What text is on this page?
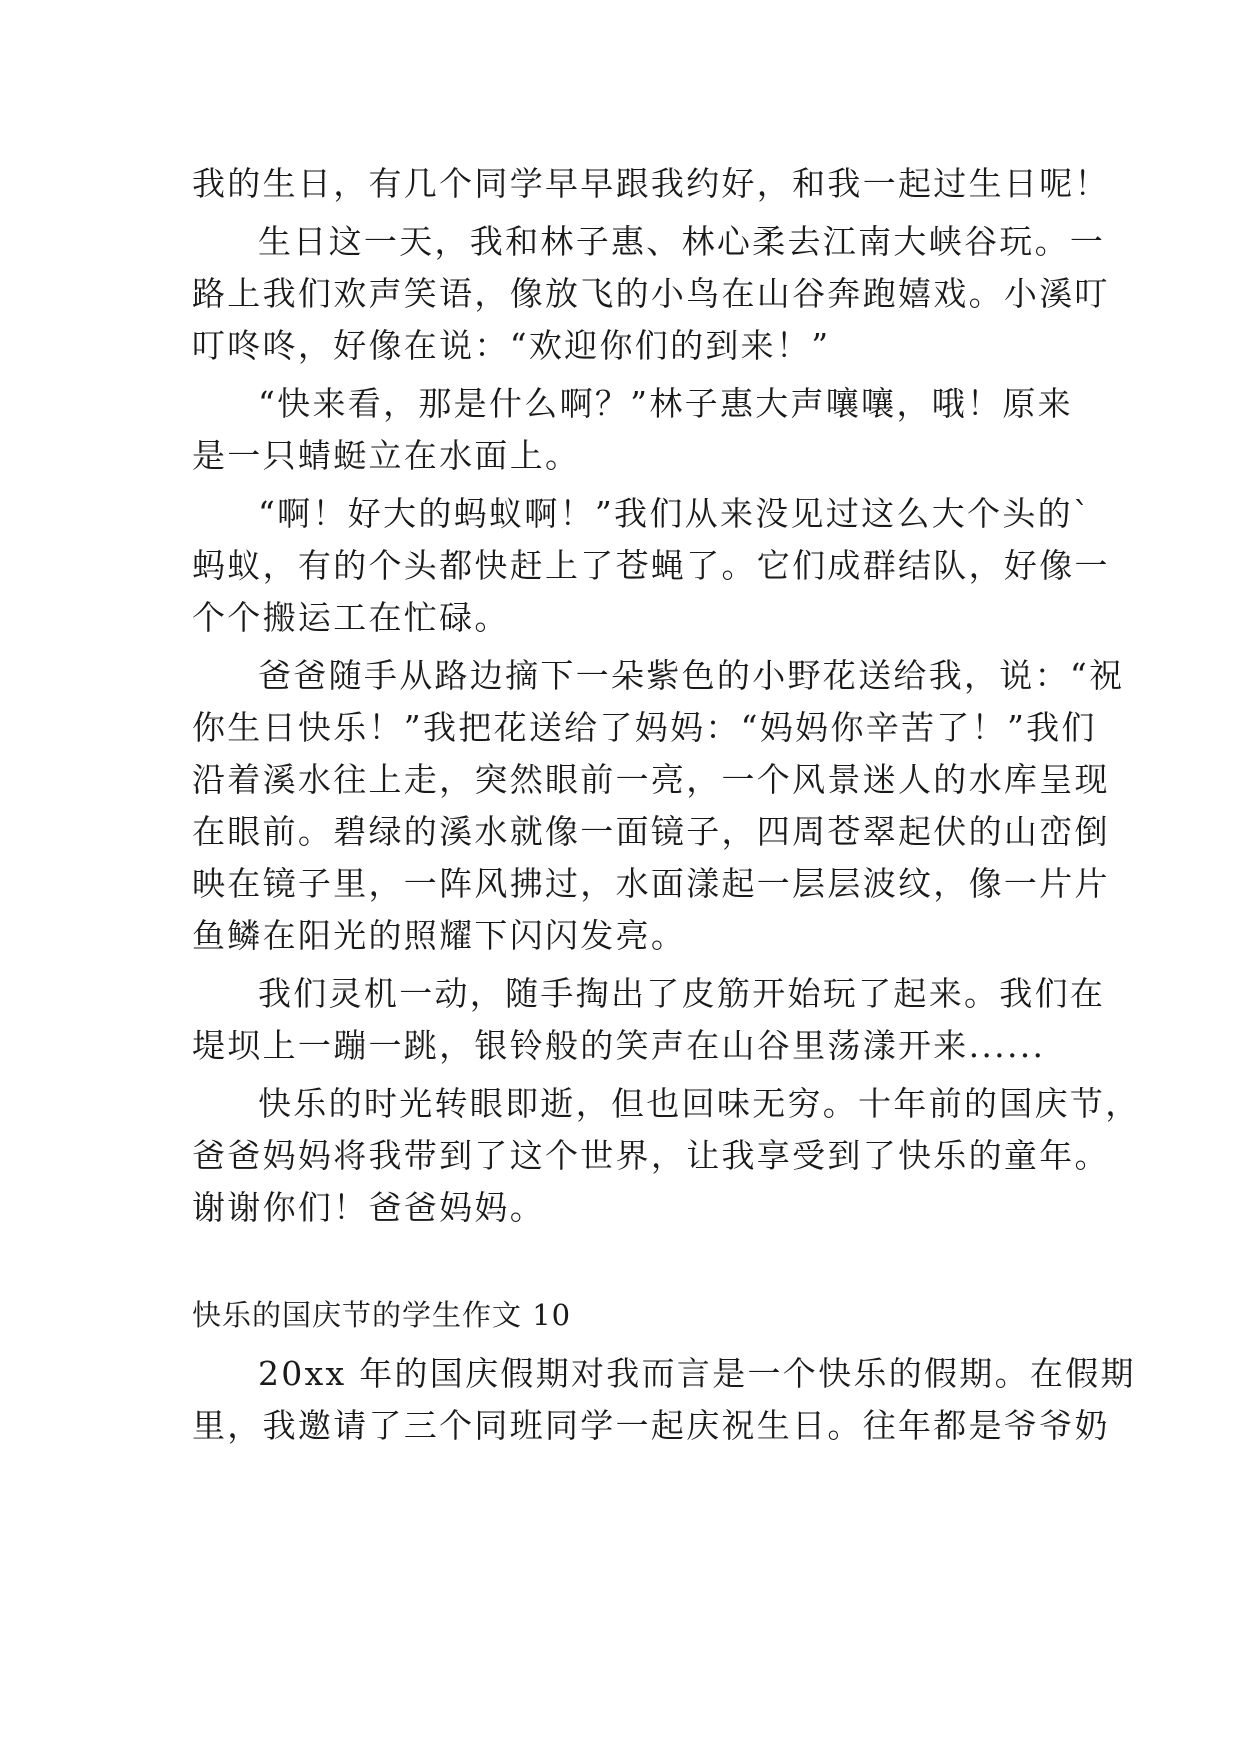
我的生日，有几个同学早早跟我约好，和我一起过生日呢！
生日这一天，我和林子惠、林心柔去江南大峡谷玩。一
路上我们欢声笑语，像放飞的小鸟在山谷奔跑嬉戏。小溪叮
叮咚咚，好像在说：“欢迎你们的到来！”
“快来看，那是什么啊？”林子惠大声嚷嚷，哦！原来
是一只蜻蜓立在水面上。
“啊！好大的蚂蚁啊！”我们从来没见过这么大个头的`
蚂蚁，有的个头都快赶上了苍蝇了。它们成群结队，好像一
个个搬运工在忙碌。
爸爸随手从路边摘下一朵紫色的小野花送给我，说：“祝
你生日快乐！”我把花送给了妈妈：“妈妈你辛苦了！”我们
沿着溪水往上走，突然眼前一亮，一个风景迷人的水库呈现
在眼前。碧绿的溪水就像一面镜子，四周苍翠起伏的山峦倒
映在镜子里，一阵风拂过，水面漾起一层层波纹，像一片片
鱼鳞在阳光的照耀下闪闪发亮。
我们灵机一动，随手掏出了皮筋开始玩了起来。我们在
堤坝上一蹦一跳，银铃般的笑声在山谷里荡漾开来......
快乐的时光转眼即逝，但也回味无穷。十年前的国庆节，
爸爸妈妈将我带到了这个世界，让我享受到了快乐的童年。
谢谢你们！爸爸妈妈。
快乐的国庆节的学生作文 10
20xx 年的国庆假期对我而言是一个快乐的假期。在假期
里，我邀请了三个同班同学一起庆祝生日。往年都是爷爷奶
